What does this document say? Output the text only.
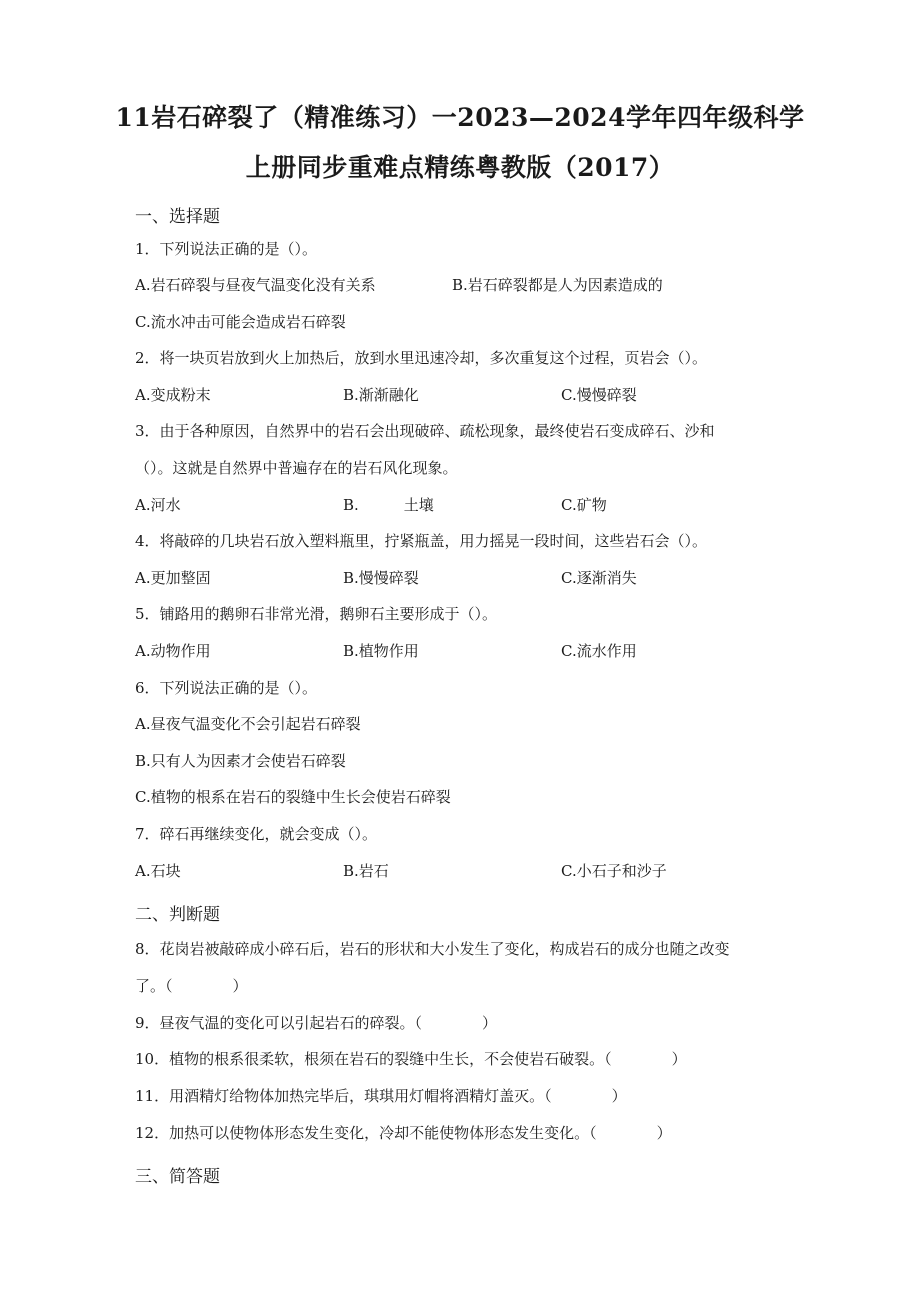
11岩石碎裂了（精准练习）一2023—2024学年四年级科学
上册同步重难点精练粤教版（2017）
一、选择题
1．下列说法正确的是（）。
A.岩石碎裂与昼夜气温变化没有关系	B.岩石碎裂都是人为因素造成的
C.流水冲击可能会造成岩石碎裂
2．将一块页岩放到火上加热后，放到水里迅速冷却，多次重复这个过程，页岩会（）。
A.变成粉末	B.渐渐融化	C.慢慢碎裂
3．由于各种原因，自然界中的岩石会出现破碎、疏松现象，最终使岩石变成碎石、沙和
（）。这就是自然界中普遍存在的岩石风化现象。
A.河水	B.　　　土壤	C.矿物
4．将敲碎的几块岩石放入塑料瓶里，拧紧瓶盖，用力摇晃一段时间，这些岩石会（）。
A.更加整固	B.慢慢碎裂	C.逐渐消失
5．铺路用的鹅卵石非常光滑，鹅卵石主要形成于（）。
A.动物作用	B.植物作用	C.流水作用
6．下列说法正确的是（）。
A.昼夜气温变化不会引起岩石碎裂
B.只有人为因素才会使岩石碎裂
C.植物的根系在岩石的裂缝中生长会使岩石碎裂
7．碎石再继续变化，就会变成（）。
A.石块	B.岩石	C.小石子和沙子
二、判断题
8．花岗岩被敲碎成小碎石后，岩石的形状和大小发生了变化，构成岩石的成分也随之改变
了。（　　　　）
9．昼夜气温的变化可以引起岩石的碎裂。（　　　　）
10．植物的根系很柔软，根须在岩石的裂缝中生长，不会使岩石破裂。（　　　　）
11．用酒精灯给物体加热完毕后，琪琪用灯帽将酒精灯盖灭。（　　　　）
12．加热可以使物体形态发生变化，冷却不能使物体形态发生变化。（　　　　）
三、简答题
